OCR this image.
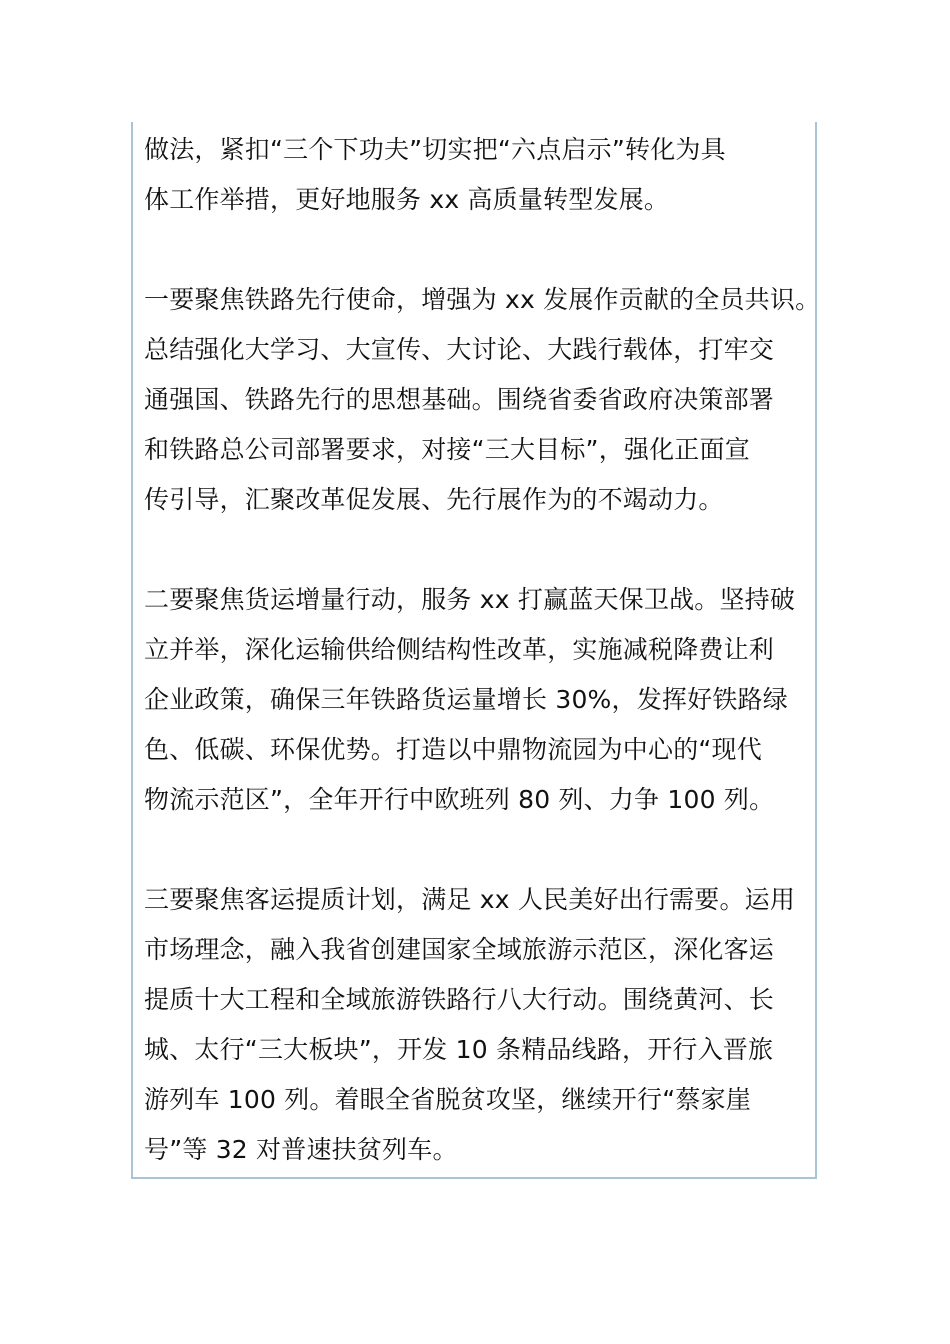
做法，紧扣“三个下功夫”切实把“六点启示”转化为具
体工作举措，更好地服务 xx 高质量转型发展。
一要聚焦铁路先行使命，增强为 xx 发展作贡献的全员共识。
总结强化大学习、大宣传、大讨论、大践行载体，打牢交
通强国、铁路先行的思想基础。围绕省委省政府决策部署
和铁路总公司部署要求，对接“三大目标”，强化正面宣
传引导，汇聚改革促发展、先行展作为的不竭动力。
二要聚焦货运增量行动，服务 xx 打赢蓝天保卫战。坚持破
立并举，深化运输供给侧结构性改革，实施减税降费让利
企业政策，确保三年铁路货运量增长 30%，发挥好铁路绿
色、低碳、环保优势。打造以中鼎物流园为中心的“现代
物流示范区”，全年开行中欧班列 80 列、力争 100 列。
三要聚焦客运提质计划，满足 xx 人民美好出行需要。运用
市场理念，融入我省创建国家全域旅游示范区，深化客运
提质十大工程和全域旅游铁路行八大行动。围绕黄河、长
城、太行“三大板块”，开发 10 条精品线路，开行入晋旅
游列车 100 列。着眼全省脱贫攻坚，继续开行“蔡家崖
号”等 32 对普速扶贫列车。
